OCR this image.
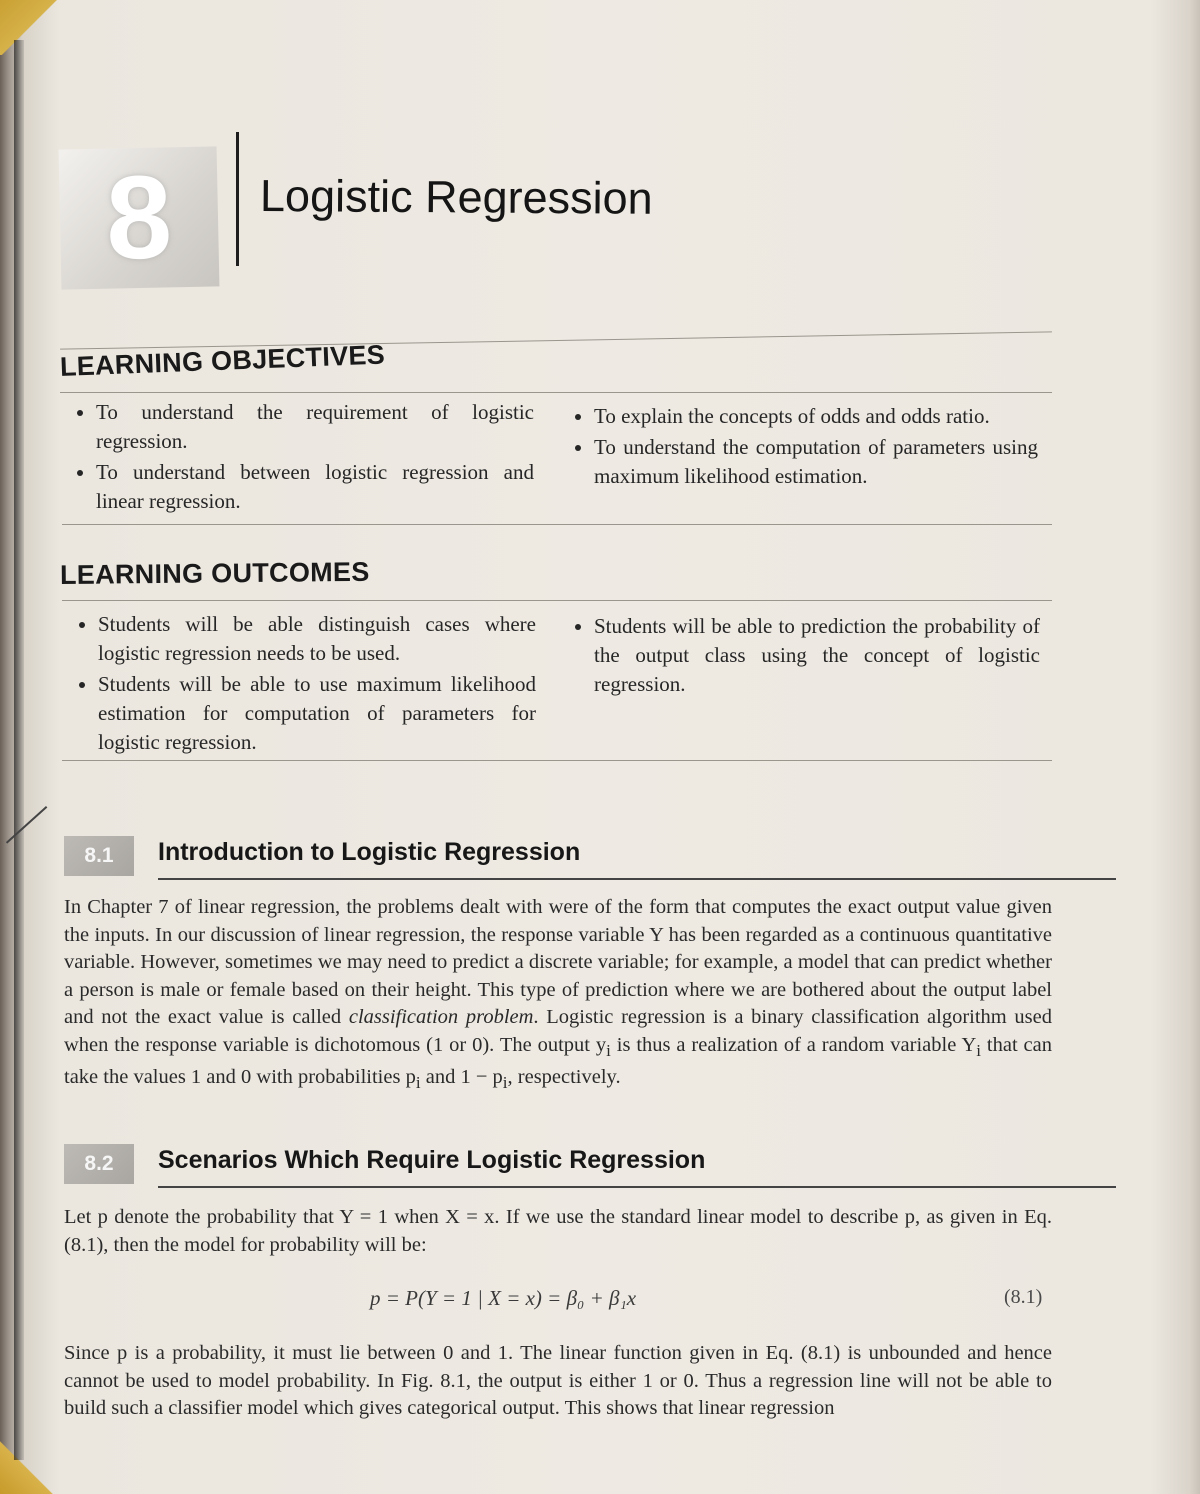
8	Logistic Regression
LEARNING OBJECTIVES
• To understand the requirement of logistic regression.
• To understand between logistic regression and linear regression.
• To explain the concepts of odds and odds ratio.
• To understand the computation of parameters using maximum likelihood estimation.
LEARNING OUTCOMES
• Students will be able distinguish cases where logistic regression needs to be used.
• Students will be able to use maximum likelihood estimation for computation of parameters for logistic regression.
• Students will be able to prediction the probability of the output class using the concept of logistic regression.
8.1	Introduction to Logistic Regression
In Chapter 7 of linear regression, the problems dealt with were of the form that computes the exact output value given the inputs. In our discussion of linear regression, the response variable Y has been regarded as a continuous quantitative variable. However, sometimes we may need to predict a discrete variable; for example, a model that can predict whether a person is male or female based on their height. This type of prediction where we are bothered about the output label and not the exact value is called classification problem. Logistic regression is a binary classification algorithm used when the response variable is dichotomous (1 or 0). The output $y_i$ is thus a realization of a random variable $Y_i$ that can take the values 1 and 0 with probabilities $p_i$ and $1 - p_i$, respectively.
8.2	Scenarios Which Require Logistic Regression
Let p denote the probability that Y = 1 when X = x. If we use the standard linear model to describe p, as given in Eq. (8.1), then the model for probability will be:
p = P(Y = 1 | X = x) = β₀ + β₁x	(8.1)
Since p is a probability, it must lie between 0 and 1. The linear function given in Eq. (8.1) is unbounded and hence cannot be used to model probability. In Fig. 8.1, the output is either 1 or 0. Thus a regression line will not be able to build such a classifier model which gives categorical output. This shows that linear regression
